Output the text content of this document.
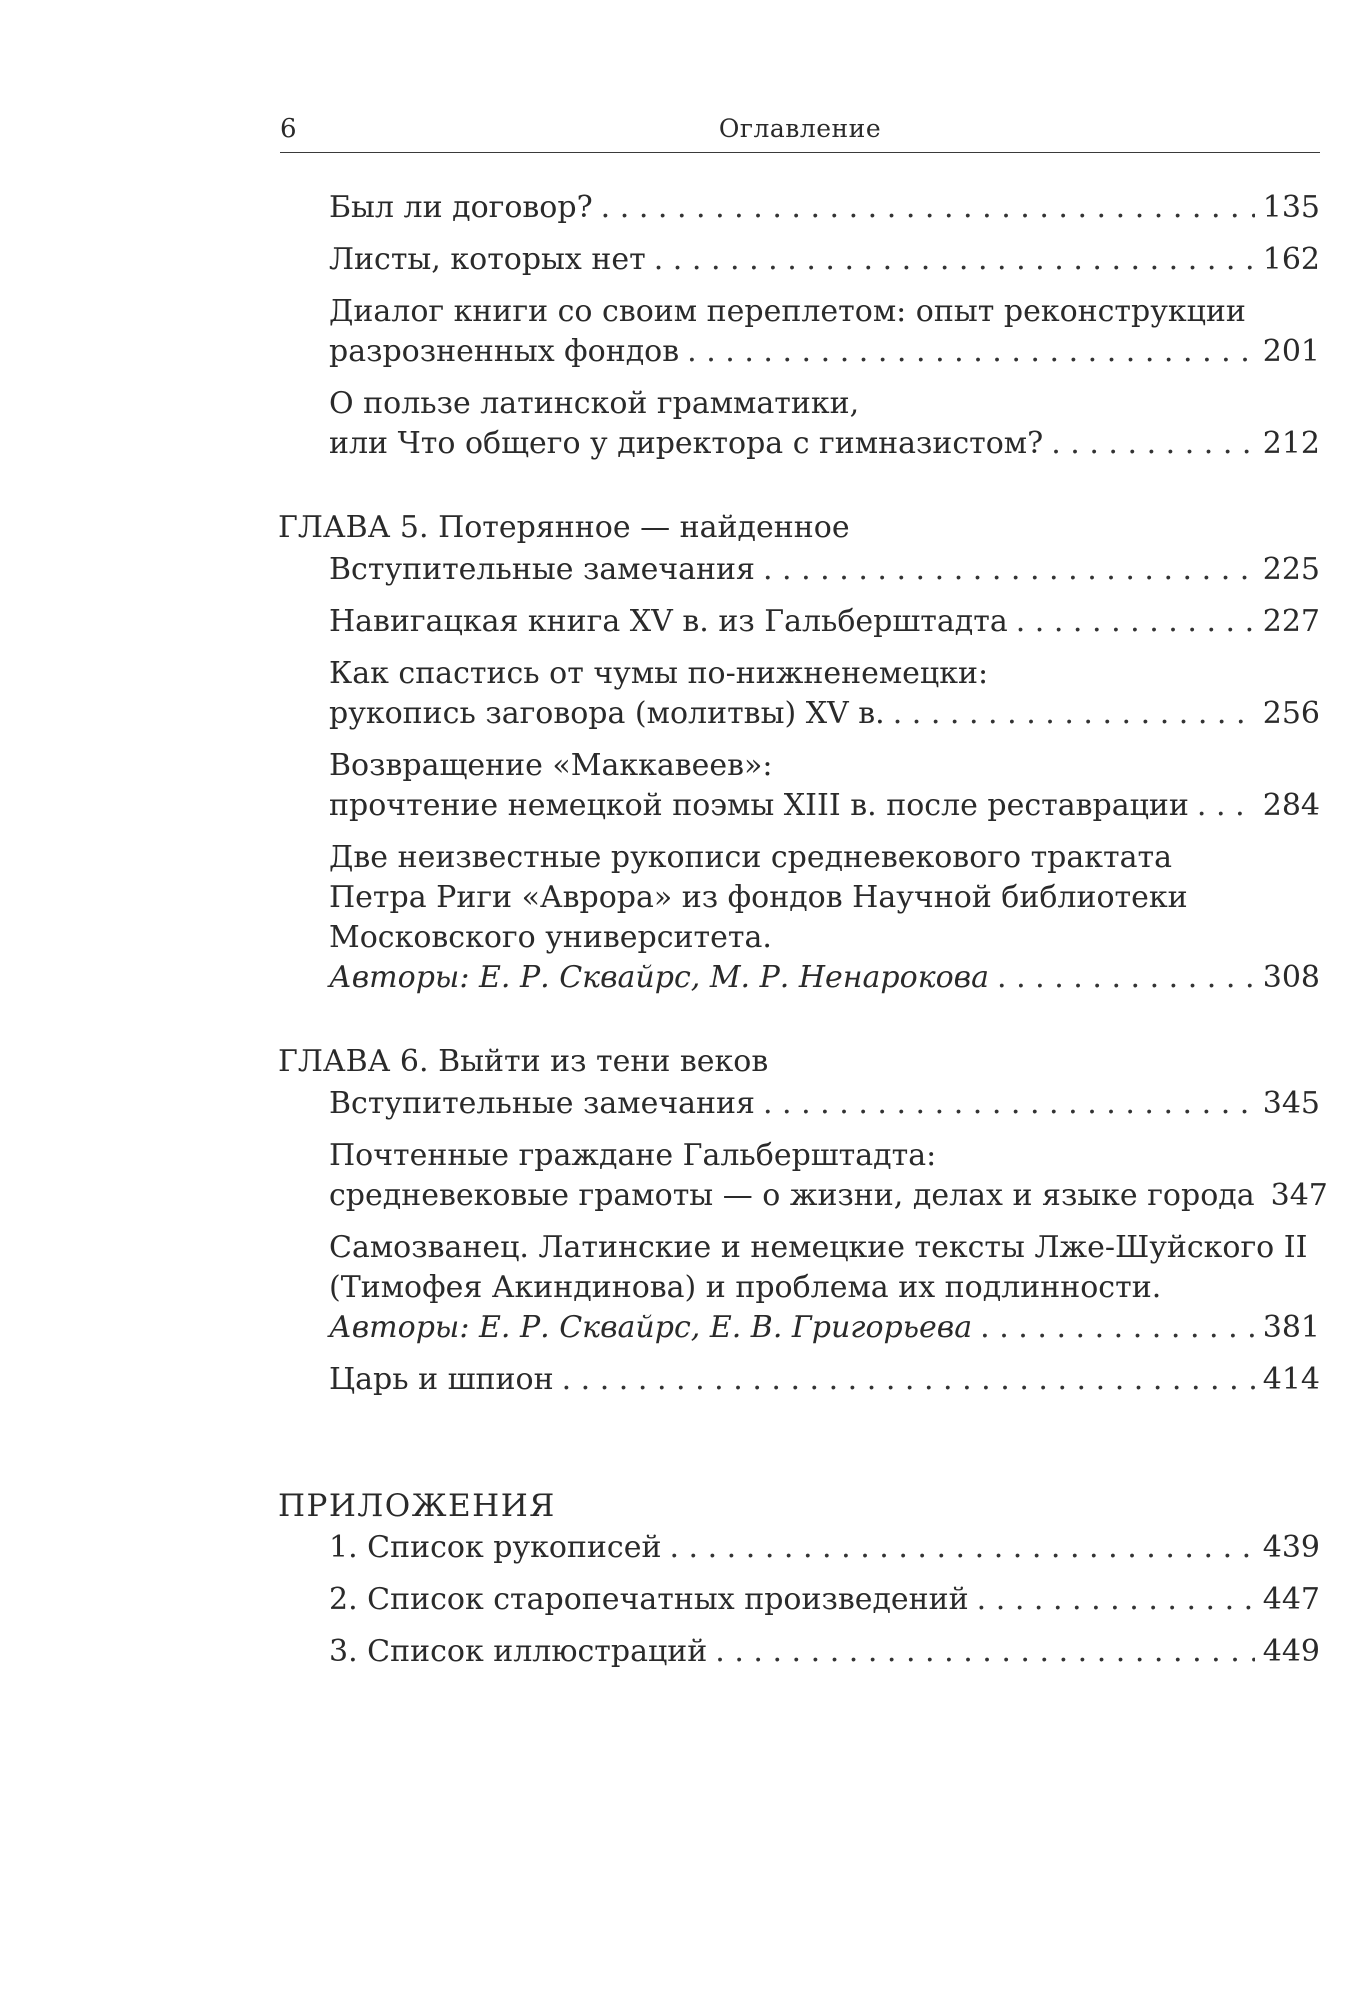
6	Оглавление
Был ли договор? . . .	135
Листы, которых нет . . .	162
Диалог книги со своим переплетом: опыт реконструкции
разрозненных фондов . . .	201
О пользе латинской грамматики,
или Что общего у директора с гимназистом? . . .	212
ГЛАВА 5. Потерянное — найденное
Вступительные замечания . . .	225
Навигацкая книга XV в. из Гальберштадта . . .	227
Как спастись от чумы по-нижненемецки:
рукопись заговора (молитвы) XV в. . . .	256
Возвращение «Маккавеев»:
прочтение немецкой поэмы XIII в. после реставрации . . . 284
Две неизвестные рукописи средневекового трактата
Петра Риги «Аврора» из фондов Научной библиотеки
Московского университета.
Авторы: Е. Р. Сквайрс, М. Р. Ненарокова . . .	308
ГЛАВА 6. Выйти из тени веков
Вступительные замечания . . .	345
Почтенные граждане Гальберштадта:
средневековые грамоты — о жизни, делах и языке города 347
Самозванец. Латинские и немецкие тексты Лже-Шуйского II
(Тимофея Акиндинова) и проблема их подлинности.
Авторы: Е. Р. Сквайрс, Е. В. Григорьева . . .	381
Царь и шпион . . .	414
ПРИЛОЖЕНИЯ
1. Список рукописей . . .	439
2. Список старопечатных произведений . . .	447
3. Список иллюстраций . . .	449
